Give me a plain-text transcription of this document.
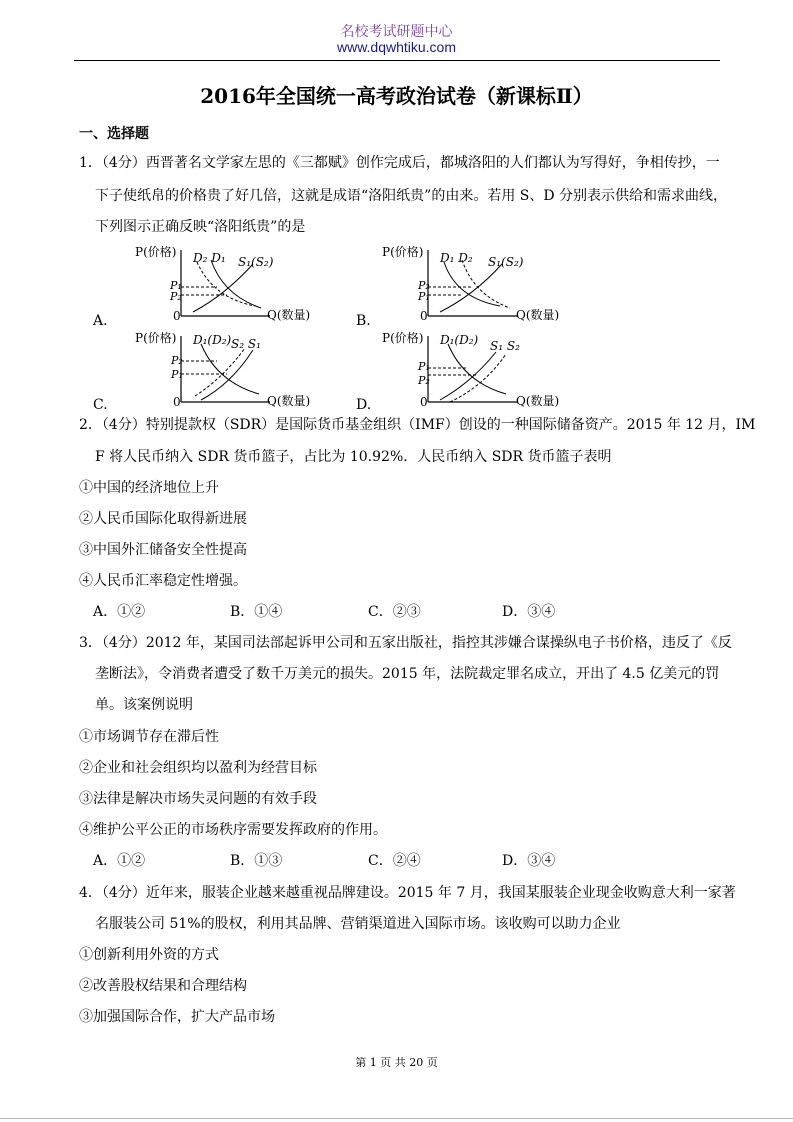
名校考试研题中心
www.dqwhtiku.com
2016年全国统一高考政治试卷（新课标Ⅱ）
一、选择题
1．（4分）西晋著名文学家左思的《三都赋》创作完成后，都城洛阳的人们都认为写得好，争相传抄，一
下子使纸帛的价格贵了好几倍，这就是成语“洛阳纸贵”的由来。若用 S、D 分别表示供给和需求曲线，
下列图示正确反映“洛阳纸贵”的是
A.	B.
C.	D.
P(价格)
Q(数量)
0
D₂ D₁ S₁(S₂)
P₁
P₂
P(价格)
Q(数量)
0
D₁ D₂ S₁(S₂)
P₂
P₁
P(价格)
Q(数量)
0
D₁(D₂) S₂ S₁
P₂
P₁
P(价格)
Q(数量)
0
D₁(D₂) S₁ S₂
P₁
P₂
2．（4分）特别提款权（SDR）是国际货币基金组织（IMF）创设的一种国际储备资产。2015 年 12 月，IM
F 将人民币纳入 SDR 货币篮子，占比为 10.92%．人民币纳入 SDR 货币篮子表明
①中国的经济地位上升
②人民币国际化取得新进展
③中国外汇储备安全性提高
④人民币汇率稳定性增强。
A．①②	B．①④	C．②③	D．③④
3．（4分）2012 年，某国司法部起诉甲公司和五家出版社，指控其涉嫌合谋操纵电子书价格，违反了《反
垄断法》，令消费者遭受了数千万美元的损失。2015 年，法院裁定罪名成立，开出了 4.5 亿美元的罚
单。该案例说明
①市场调节存在滞后性
②企业和社会组织均以盈利为经营目标
③法律是解决市场失灵问题的有效手段
④维护公平公正的市场秩序需要发挥政府的作用。
A．①②	B．①③	C．②④	D．③④
4．（4分）近年来，服装企业越来越重视品牌建设。2015 年 7 月，我国某服装企业现金收购意大利一家著
名服装公司 51%的股权，利用其品牌、营销渠道进入国际市场。该收购可以助力企业
①创新利用外资的方式
②改善股权结果和合理结构
③加强国际合作，扩大产品市场
第 1 页 共 20 页
